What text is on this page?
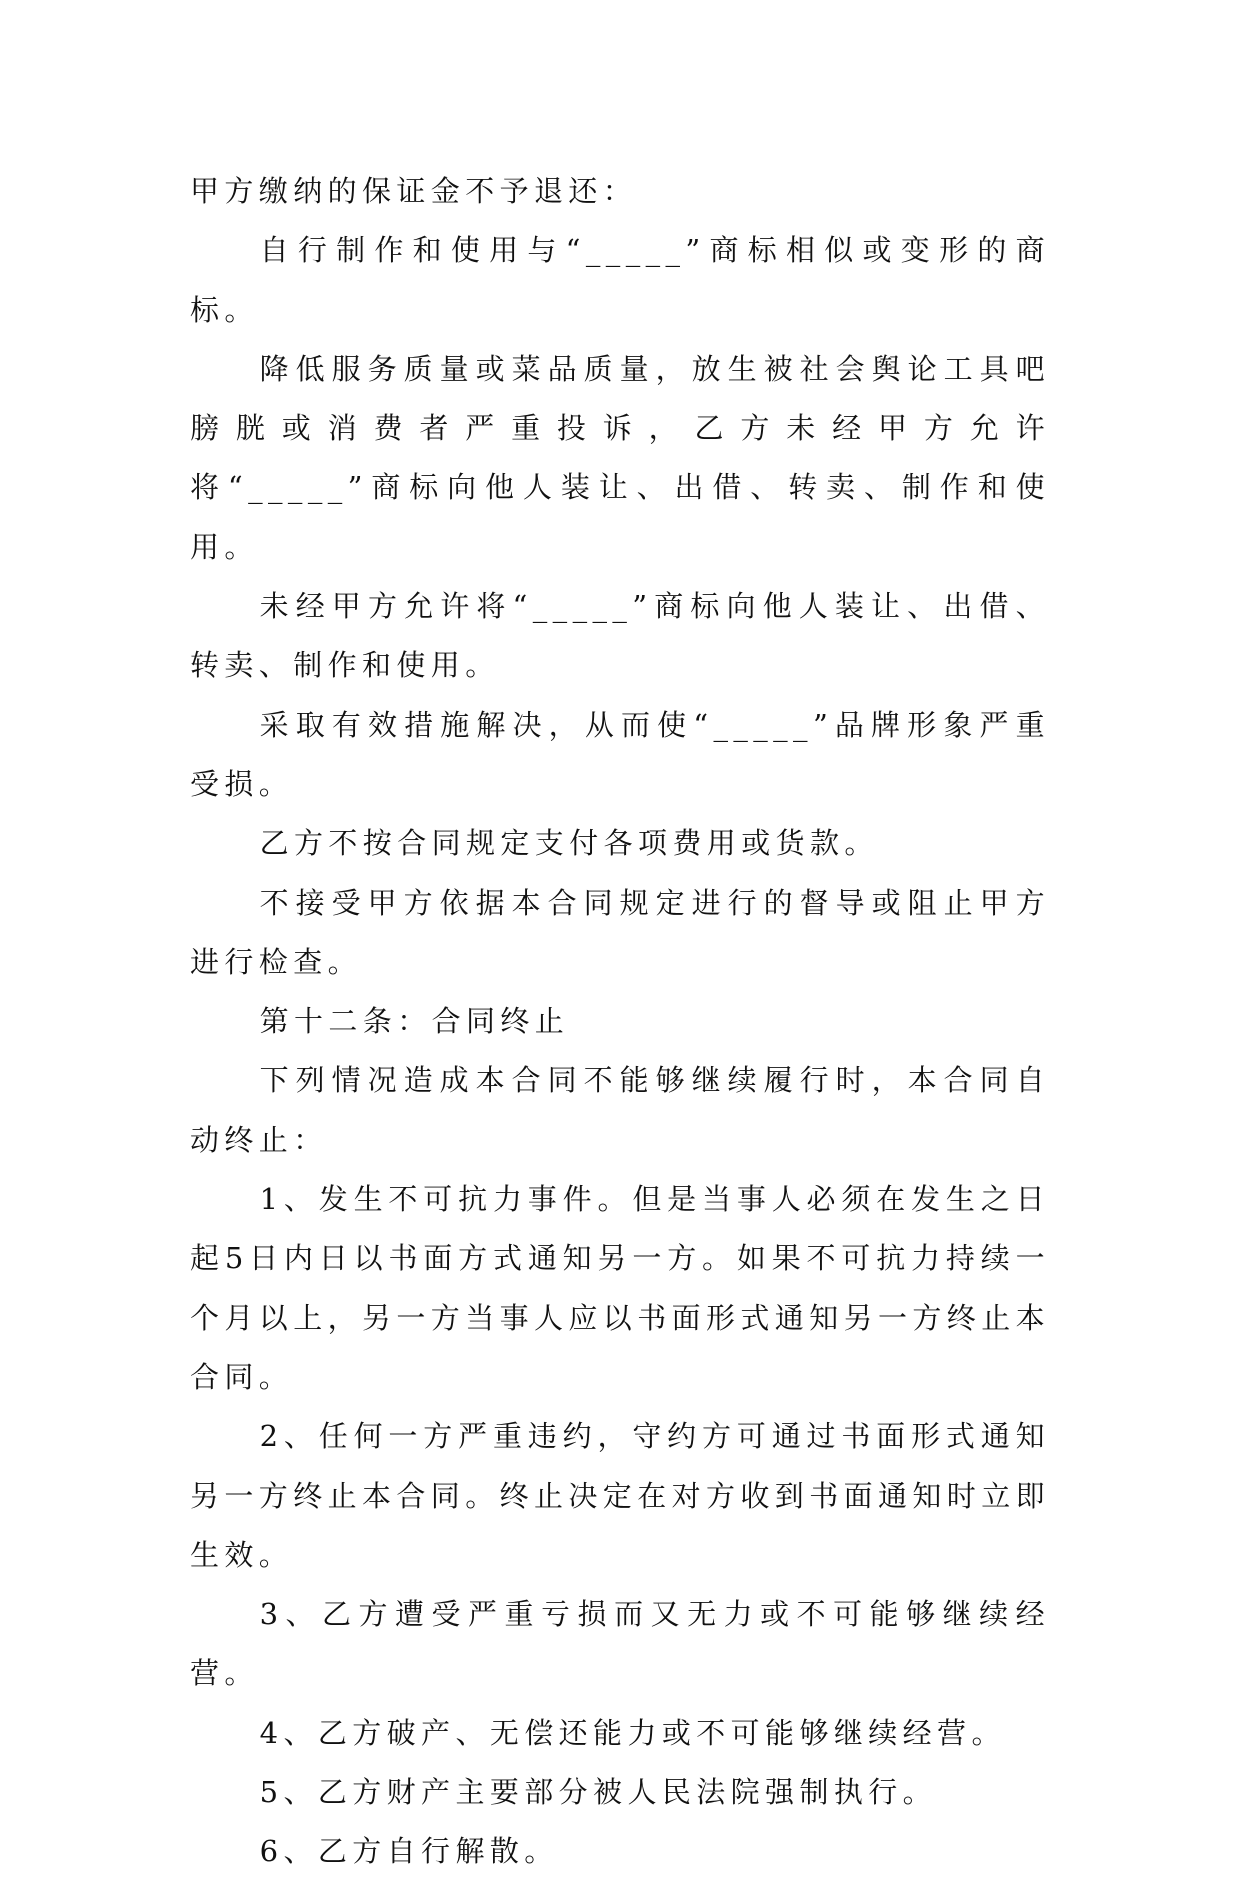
甲方缴纳的保证金不予退还：

自行制作和使用与“_____”商标相似或变形的商标。

降低服务质量或菜品质量，放生被社会舆论工具吧膀胱或消费者严重投诉，乙方未经甲方允许将“_____”商标向他人装让、出借、转卖、制作和使用。

未经甲方允许将“_____”商标向他人装让、出借、转卖、制作和使用。

采取有效措施解决，从而使“_____”品牌形象严重受损。

乙方不按合同规定支付各项费用或货款。

不接受甲方依据本合同规定进行的督导或阻止甲方进行检查。

第十二条：合同终止

下列情况造成本合同不能够继续履行时，本合同自动终止：

1、发生不可抗力事件。但是当事人必须在发生之日起5日内日以书面方式通知另一方。如果不可抗力持续一个月以上，另一方当事人应以书面形式通知另一方终止本合同。

2、任何一方严重违约，守约方可通过书面形式通知另一方终止本合同。终止决定在对方收到书面通知时立即生效。

3、乙方遭受严重亏损而又无力或不可能够继续经营。

4、乙方破产、无偿还能力或不可能够继续经营。

5、乙方财产主要部分被人民法院强制执行。

6、乙方自行解散。
